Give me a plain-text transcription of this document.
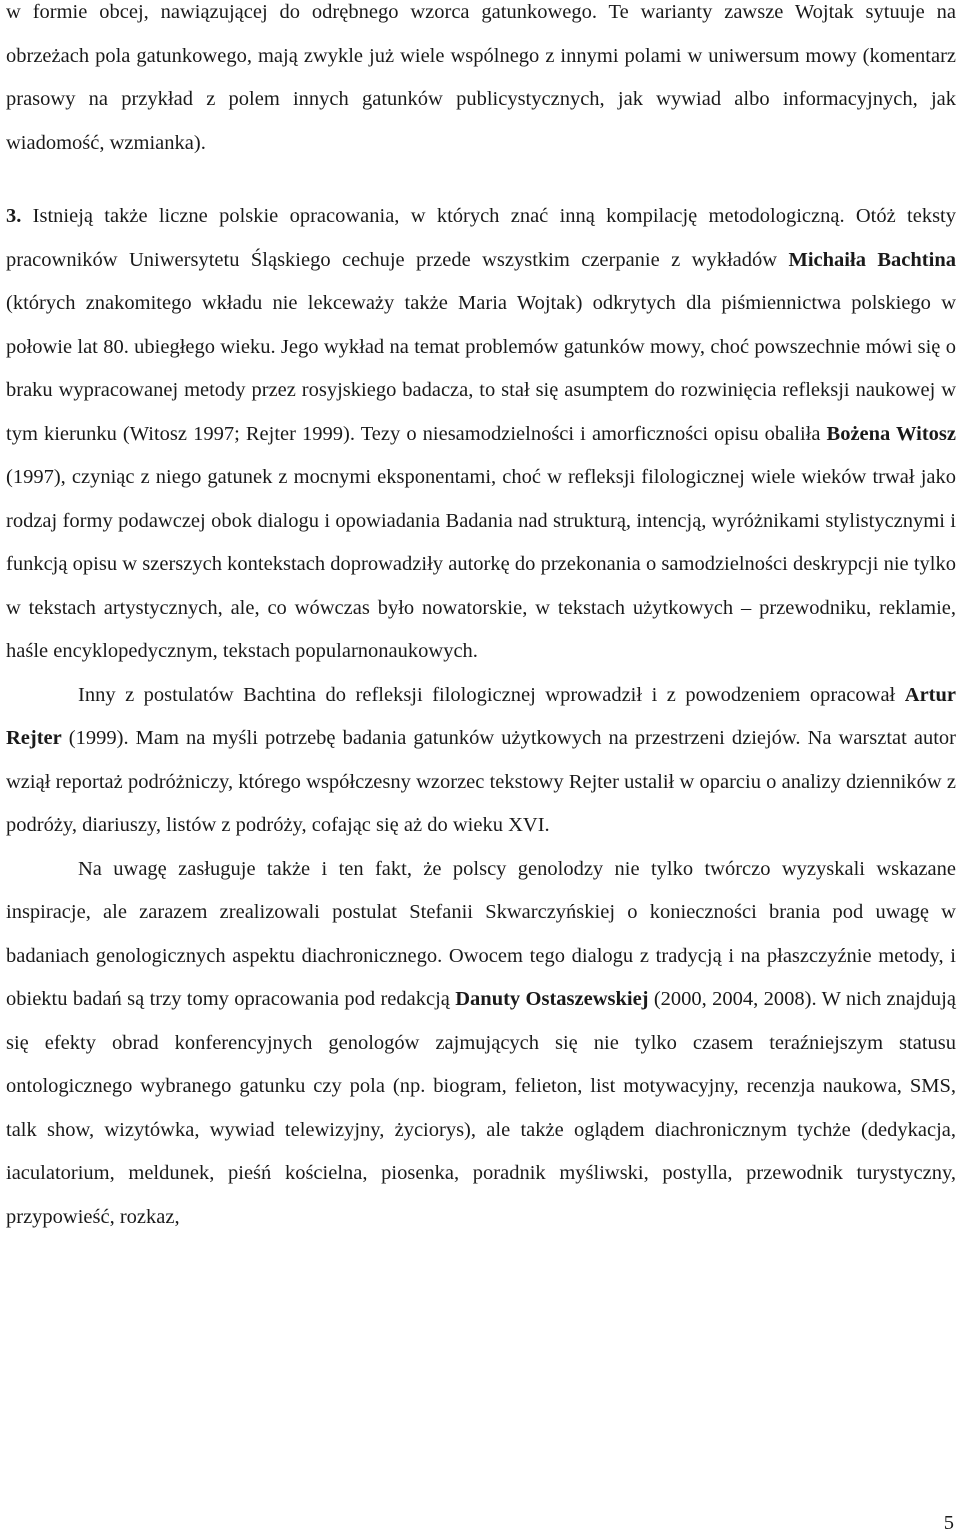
w formie obcej, nawiązującej do odrębnego wzorca gatunkowego. Te warianty zawsze Wojtak sytuuje na obrzeżach pola gatunkowego, mają zwykle już wiele wspólnego z innymi polami w uniwersum mowy (komentarz prasowy na przykład z polem innych gatunków publicystycznych, jak wywiad albo informacyjnych, jak wiadomość, wzmianka).

3. Istnieją także liczne polskie opracowania, w których znać inną kompilację metodologiczną. Otóż teksty pracowników Uniwersytetu Śląskiego cechuje przede wszystkim czerpanie z wykładów Michaiła Bachtina (których znakomitego wkładu nie lekceważy także Maria Wojtak) odkrytych dla piśmiennictwa polskiego w połowie lat 80. ubiegłego wieku. Jego wykład na temat problemów gatunków mowy, choć powszechnie mówi się o braku wypracowanej metody przez rosyjskiego badacza, to stał się asumptem do rozwinięcia refleksji naukowej w tym kierunku (Witosz 1997; Rejter 1999). Tezy o niesamodzielności i amorficzności opisu obaliła Bożena Witosz (1997), czyniąc z niego gatunek z mocnymi eksponentami, choć w refleksji filologicznej wiele wieków trwał jako rodzaj formy podawczej obok dialogu i opowiadania Badania nad strukturą, intencją, wyróżnikami stylistycznymi i funkcją opisu w szerszych kontekstach doprowadziły autorkę do przekonania o samodzielności deskrypcji nie tylko w tekstach artystycznych, ale, co wówczas było nowatorskie, w tekstach użytkowych – przewodniku, reklamie, haśle encyklopedycznym, tekstach popularnonaukowych.

Inny z postulatów Bachtina do refleksji filologicznej wprowadził i z powodzeniem opracował Artur Rejter (1999). Mam na myśli potrzebę badania gatunków użytkowych na przestrzeni dziejów. Na warsztat autor wziął reportaż podróżniczy, którego współczesny wzorzec tekstowy Rejter ustalił w oparciu o analizy dzienników z podróży, diariuszy, listów z podróży, cofając się aż do wieku XVI.

Na uwagę zasługuje także i ten fakt, że polscy genolodzy nie tylko twórczo wyzyskali wskazane inspiracje, ale zarazem zrealizowali postulat Stefanii Skwarczyńskiej o konieczności brania pod uwagę w badaniach genologicznych aspektu diachronicznego. Owocem tego dialogu z tradycją i na płaszczyźnie metody, i obiektu badań są trzy tomy opracowania pod redakcją Danuty Ostaszewskiej (2000, 2004, 2008). W nich znajdują się efekty obrad konferencyjnych genologów zajmujących się nie tylko czasem teraźniejszym statusu ontologicznego wybranego gatunku czy pola (np. biogram, felieton, list motywacyjny, recenzja naukowa, SMS, talk show, wizytówka, wywiad telewizyjny, życiorys), ale także oglądem diachronicznym tychże (dedykacja, iaculatorium, meldunek, pieśń kościelna, piosenka, poradnik myśliwski, postylla, przewodnik turystyczny, przypowieść, rozkaz,

5
